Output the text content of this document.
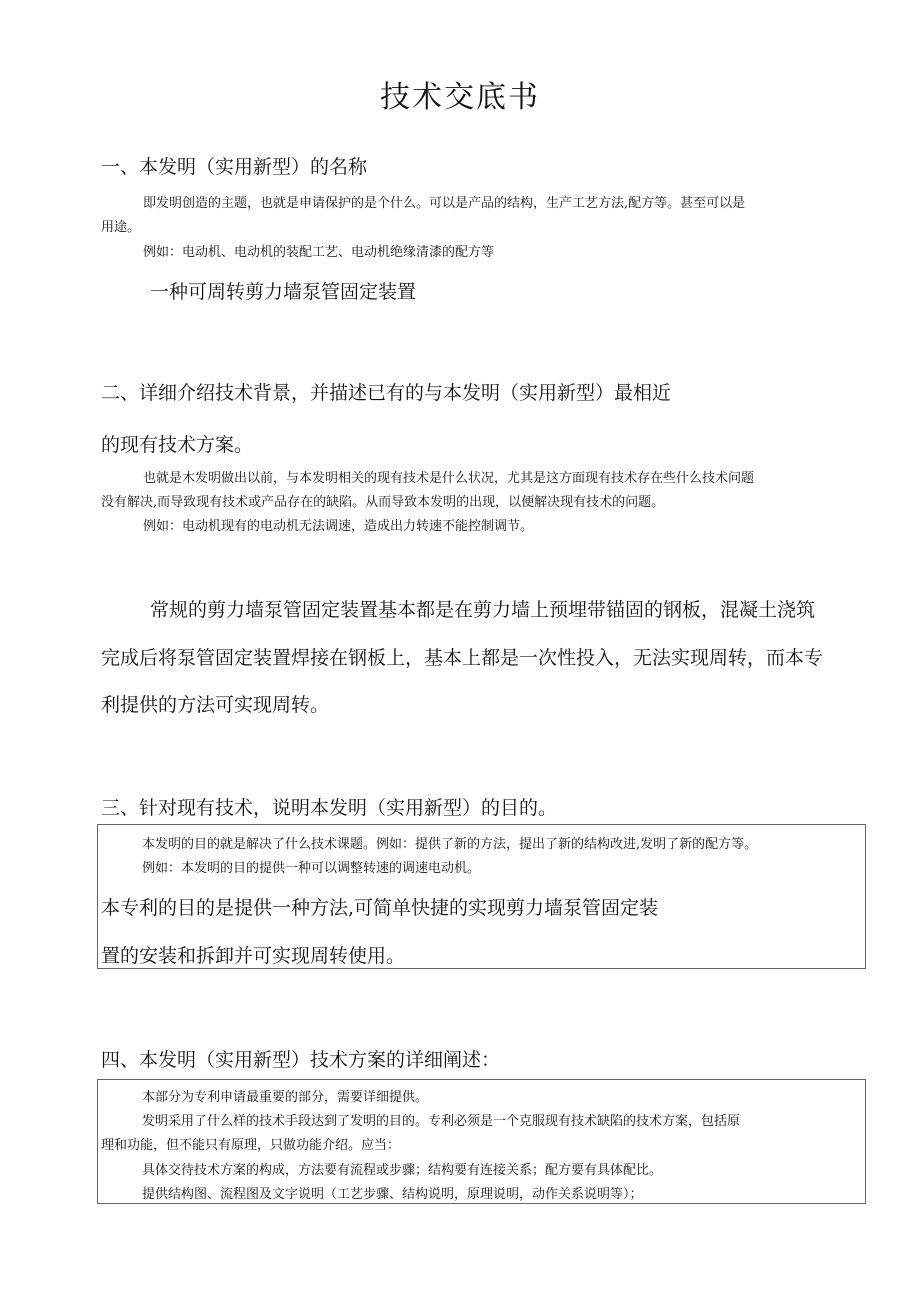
技术交底书
一、本发明（实用新型）的名称
即发明创造的主题，也就是申请保护的是个什么。可以是产品的结构，生产工艺方法,配方等。甚至可以是
用途。
例如：电动机、电动机的装配工艺、电动机绝缘清漆的配方等
一种可周转剪力墙泵管固定装置
二、详细介绍技术背景，并描述已有的与本发明（实用新型）最相近
的现有技术方案。
也就是木发明做出以前，与本发明相关的现有技术是什么状况，尤其是这方面现有技术存在些什么技术问题
没有解决,而导致现有技术或产品存在的缺陷。从而导致本发明的出现，以便解决现有技术的问题。
例如：电动机现有的电动机无法调速，造成出力转速不能控制调节。
常规的剪力墙泵管固定装置基本都是在剪力墙上预埋带锚固的钢板，混凝土浇筑
完成后将泵管固定装置焊接在钢板上，基本上都是一次性投入，无法实现周转，而本专
利提供的方法可实现周转。
三、针对现有技术，说明本发明（实用新型）的目的。
本发明的目的就是解决了什么技术课题。例如：提供了新的方法，提出了新的结构改进,发明了新的配方等。
例如：本发明的目的提供一种可以调整转速的调速电动机。
本专利的目的是提供一种方法,可简单快捷的实现剪力墙泵管固定装
置的安装和拆卸并可实现周转使用。
四、本发明（实用新型）技术方案的详细阐述：
本部分为专利申请最重要的部分，需要详细提供。
发明采用了什么样的技术手段达到了发明的目的。专利必须是一个克服现有技术缺陷的技术方案，包括原
理和功能，但不能只有原理，只做功能介绍。应当：
具体交待技术方案的构成，方法要有流程或步骤；结构要有连接关系；配方要有具体配比。
提供结构图、流程图及文字说明（工艺步骤、结构说明，原理说明，动作关系说明等）；
